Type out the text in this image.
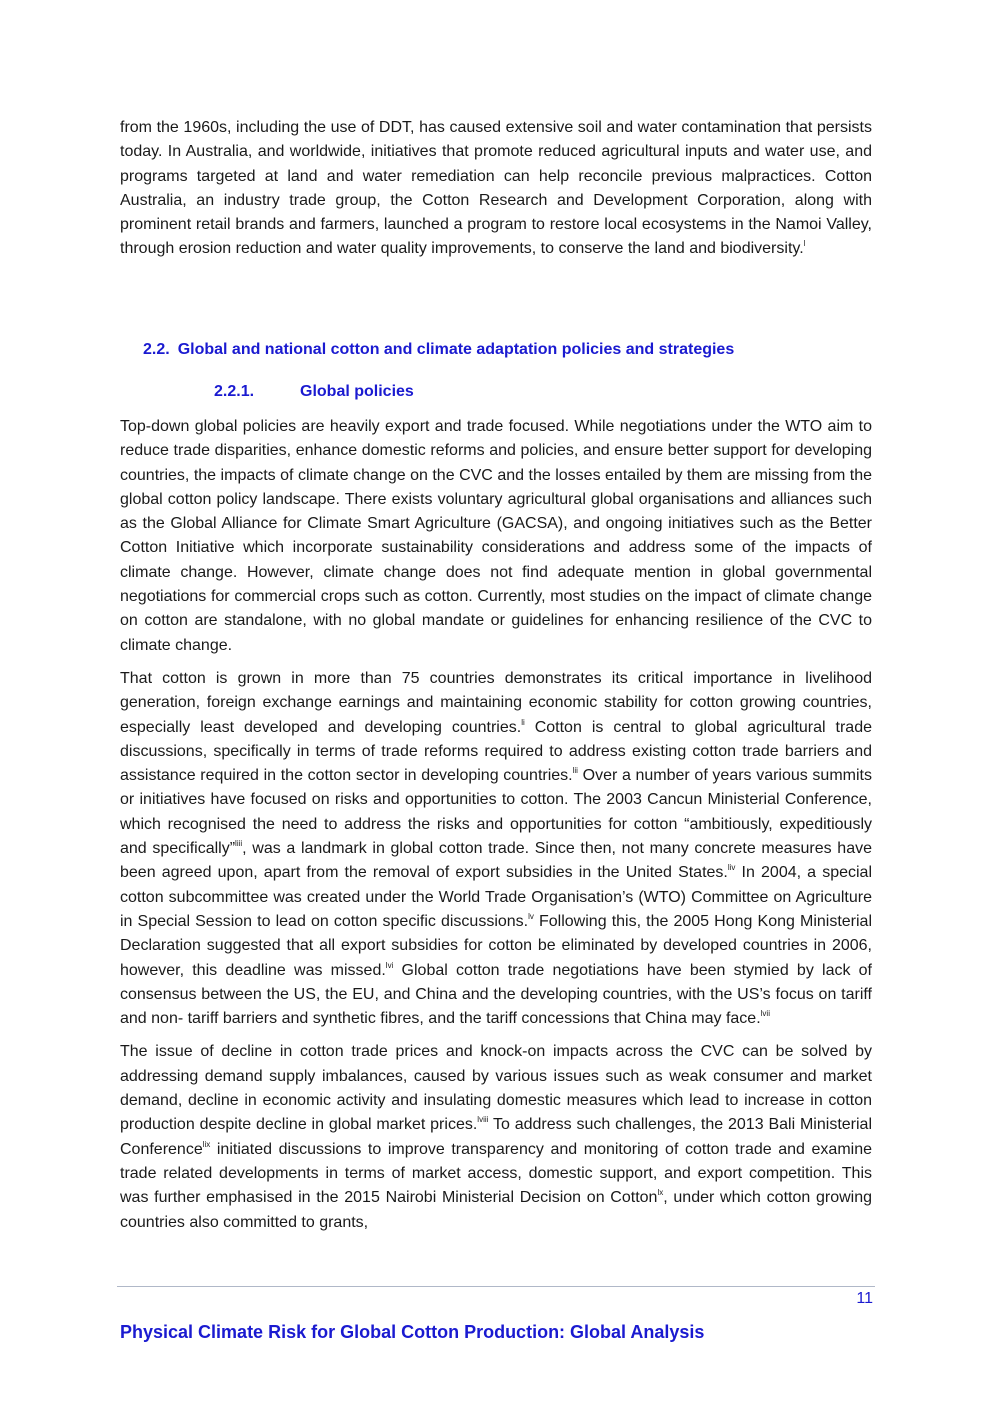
from the 1960s, including the use of DDT, has caused extensive soil and water contamination that persists today. In Australia, and worldwide, initiatives that promote reduced agricultural inputs and water use, and programs targeted at land and water remediation can help reconcile previous malpractices. Cotton Australia, an industry trade group, the Cotton Research and Development Corporation, along with prominent retail brands and farmers, launched a program to restore local ecosystems in the Namoi Valley, through erosion reduction and water quality improvements, to conserve the land and biodiversity.$^l$

2.2. Global and national cotton and climate adaptation policies and strategies
2.2.1.	Global policies

Top-down global policies are heavily export and trade focused. While negotiations under the WTO aim to reduce trade disparities, enhance domestic reforms and policies, and ensure better support for developing countries, the impacts of climate change on the CVC and the losses entailed by them are missing from the global cotton policy landscape. There exists voluntary agricultural global organisations and alliances such as the Global Alliance for Climate Smart Agriculture (GACSA), and ongoing initiatives such as the Better Cotton Initiative which incorporate sustainability considerations and address some of the impacts of climate change. However, climate change does not find adequate mention in global governmental negotiations for commercial crops such as cotton. Currently, most studies on the impact of climate change on cotton are standalone, with no global mandate or guidelines for enhancing resilience of the CVC to climate change.

That cotton is grown in more than 75 countries demonstrates its critical importance in livelihood generation, foreign exchange earnings and maintaining economic stability for cotton growing countries, especially least developed and developing countries.$^{li}$ Cotton is central to global agricultural trade discussions, specifically in terms of trade reforms required to address existing cotton trade barriers and assistance required in the cotton sector in developing countries.$^{lii}$ Over a number of years various summits or initiatives have focused on risks and opportunities to cotton. The 2003 Cancun Ministerial Conference, which recognised the need to address the risks and opportunities for cotton “ambitiously, expeditiously and specifically”$^{liii}$, was a landmark in global cotton trade. Since then, not many concrete measures have been agreed upon, apart from the removal of export subsidies in the United States.$^{liv}$ In 2004, a special cotton subcommittee was created under the World Trade Organisation’s (WTO) Committee on Agriculture in Special Session to lead on cotton specific discussions.$^{lv}$ Following this, the 2005 Hong Kong Ministerial Declaration suggested that all export subsidies for cotton be eliminated by developed countries in 2006, however, this deadline was missed.$^{lvi}$ Global cotton trade negotiations have been stymied by lack of consensus between the US, the EU, and China and the developing countries, with the US’s focus on tariff and non- tariff barriers and synthetic fibres, and the tariff concessions that China may face.$^{lvii}$

The issue of decline in cotton trade prices and knock-on impacts across the CVC can be solved by addressing demand supply imbalances, caused by various issues such as weak consumer and market demand, decline in economic activity and insulating domestic measures which lead to increase in cotton production despite decline in global market prices.$^{lviii}$ To address such challenges, the 2013 Bali Ministerial Conference$^{lix}$ initiated discussions to improve transparency and monitoring of cotton trade and examine trade related developments in terms of market access, domestic support, and export competition. This was further emphasised in the 2015 Nairobi Ministerial Decision on Cotton$^{lx}$, under which cotton growing countries also committed to grants,

11
Physical Climate Risk for Global Cotton Production: Global Analysis
